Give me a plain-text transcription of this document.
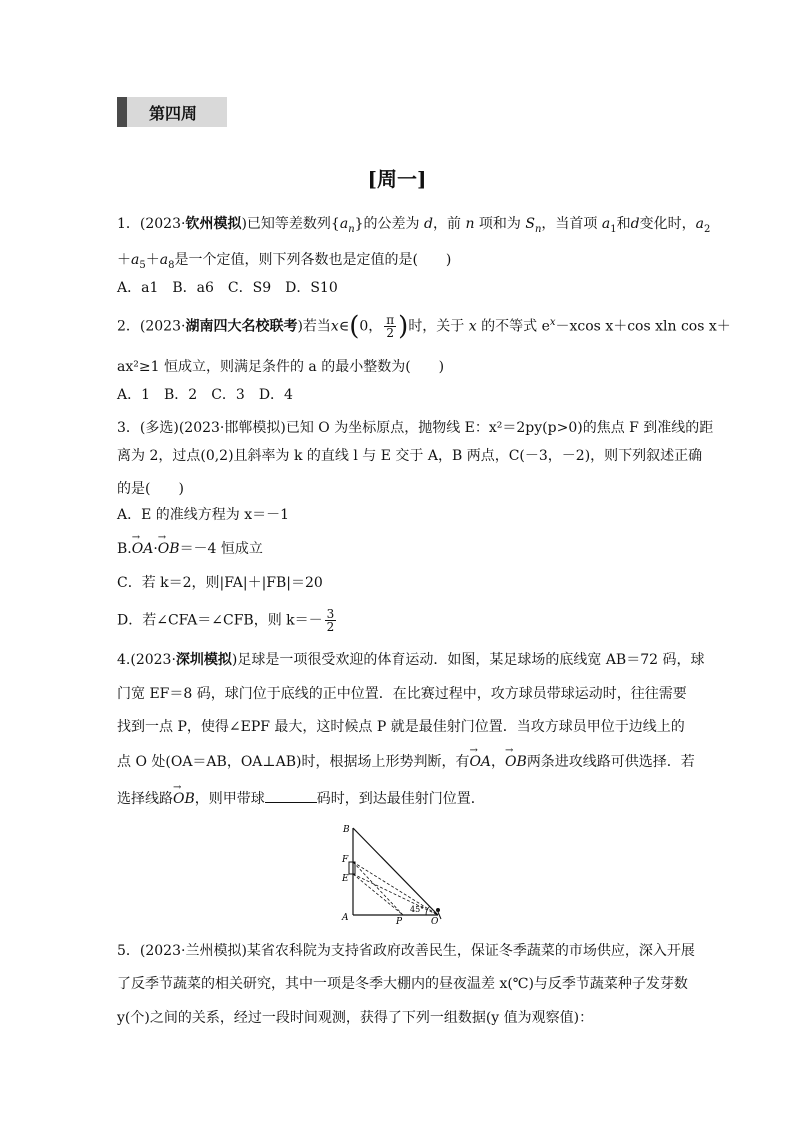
第四周
[周一]
1．(2023·钦州模拟)已知等差数列$\{a_n\}$的公差为 d，前 n 项和为 $S_n$，当首项 $a_1$和d变化时，$a_2$
$+a_5+a_8$是一个定值，则下列各数也是定值的是(　　)
A．a1　B．a6　C．S9　D．S10
2．(2023·湖南四大名校联考)若当x∈(0， $\frac{\pi}{2}$ )时，关于 x 的不等式 $e^x-xcos$ x＋cos xln cos x＋
ax²≥1 恒成立，则满足条件的 a 的最小整数为(　　)
A．1　B．2　C．3　D．4
3．(多选)(2023·邯郸模拟)已知 O 为坐标原点，抛物线 E：x²＝2py(p>0)的焦点 F 到准线的距
离为 2，过点(0,2)且斜率为 k 的直线 l 与 E 交于 A，B 两点，C(－3，－2)，则下列叙述正确
的是(　　)
A．E 的准线方程为 x＝－1
B.→ OA·→ OB＝－4 恒成立
C．若 k＝2，则|FA|＋|FB|＝20
D．若∠CFA＝∠CFB，则 $k=- \frac{3}{2}$
4.(2023·深圳模拟)足球是一项很受欢迎的体育运动．如图，某足球场的底线宽 AB＝72 码，球
门宽 EF＝8 码，球门位于底线的正中位置．在比赛过程中，攻方球员带球运动时，往往需要
找到一点 P，使得∠EPF 最大，这时候点 P 就是最佳射门位置．当攻方球员甲位于边线上的
点 O 处(OA＝AB，OA⊥AB)时，根据场上形势判断，有→ OA，→ OB两条进攻线路可供选择．若
选择线路→ OB，则甲带球	码时，到达最佳射门位置．
5．(2023·兰州模拟)某省农科院为支持省政府改善民生，保证冬季蔬菜的市场供应，深入开展
了反季节蔬菜的相关研究，其中一项是冬季大棚内的昼夜温差 x(℃)与反季节蔬菜种子发芽数
y(个)之间的关系，经过一段时间观测，获得了下列一组数据(y 值为观察值)：
B
F
E
A	P	O
45°
